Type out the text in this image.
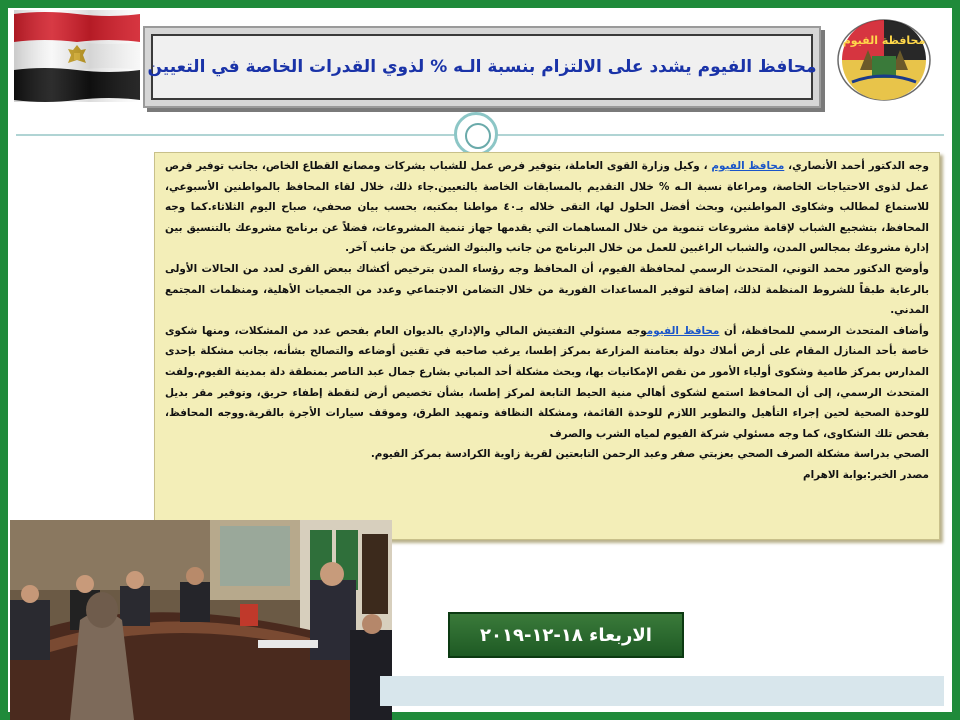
محافظة الفيوم
محافظ الفيوم يشدد على الالتزام بنسبة الـه % لذوي القدرات الخاصة في التعيين

وجه الدكتور أحمد الأنصاري، محافظ الفيوم ، وكيل وزارة القوى العاملة، بتوفير فرص عمل للشباب بشركات ومصانع القطاع الخاص، بجانب توفير فرص عمل لذوى الاحتياجات الخاصة، ومراعاة نسبة الـه % خلال التقديم بالمسابقات الخاصة بالتعيين.جاء ذلك، خلال لقاء المحافظ بالمواطنين الأسبوعي، للاستماع لمطالب وشكاوى المواطنين، وبحث أفضل الحلول لها، التقى خلاله بـ٤٠ مواطنا بمكتبه، بحسب بيان صحفي، صباح اليوم الثلاثاء.كما وجه المحافظ، بتشجيع الشباب لإقامة مشروعات تنموية من خلال المساهمات التي يقدمها جهاز تنمية المشروعات، فضلاً عن برنامج مشروعك بالتنسيق بين إدارة مشروعك بمجالس المدن، والشباب الراغبين للعمل من خلال البرنامج من جانب والبنوك الشريكة من جانب آخر.

وأوضح الدكتور محمد التوني، المتحدث الرسمي لمحافظة الفيوم، أن المحافظ وجه رؤساء المدن بترخيص أكشاك ببعض القرى لعدد من الحالات الأولى بالرعاية طبقاً للشروط المنظمة لذلك، إضافة لتوفير المساعدات الفورية من خلال التضامن الاجتماعي وعدد من الجمعيات الأهلية، ومنظمات المجتمع المدني.

وأضاف المتحدث الرسمي للمحافظة، أن محافظ الفيوموجه مسئولي التفتيش المالي والإداري بالديوان العام بفحص عدد من المشكلات، ومنها شكوى خاصة بأحد المنازل المقام على أرض أملاك دولة بعتامنة المزارعة بمركز إطسا، يرغب صاحبه في تقنين أوضاعه والتصالح بشأنه، بجانب مشكلة بإحدى المدارس بمركز طامية وشكوى أولياء الأمور من نقص الإمكانيات بها، وبحث مشكلة أحد المباني بشارع جمال عبد الناصر بمنطقة دلة بمدينة الفيوم.ولفت المتحدث الرسمي، إلى أن المحافظ استمع لشكوى أهالي منية الحيط التابعة لمركز إطسا، بشأن تخصيص أرض لنقطة إطفاء حريق، وتوفير مقر بديل للوحدة الصحية لحين إجراء التأهيل والتطوير اللازم للوحدة القائمة، ومشكلة النظافة وتمهيد الطرق، وموقف سيارات الأجرة بالقرية.ووجه المحافظ، بفحص تلك الشكاوى، كما وجه مسئولي شركة الفيوم لمياه الشرب والصرف

الصحي بدراسة مشكلة الصرف الصحي بعزبتي صفر وعبد الرحمن التابعتين لقرية زاوية الكرادسة بمركز الفيوم.

مصدر الخبر:بوابة الاهرام

الاربعاء ١٨-١٢-٢٠١٩
